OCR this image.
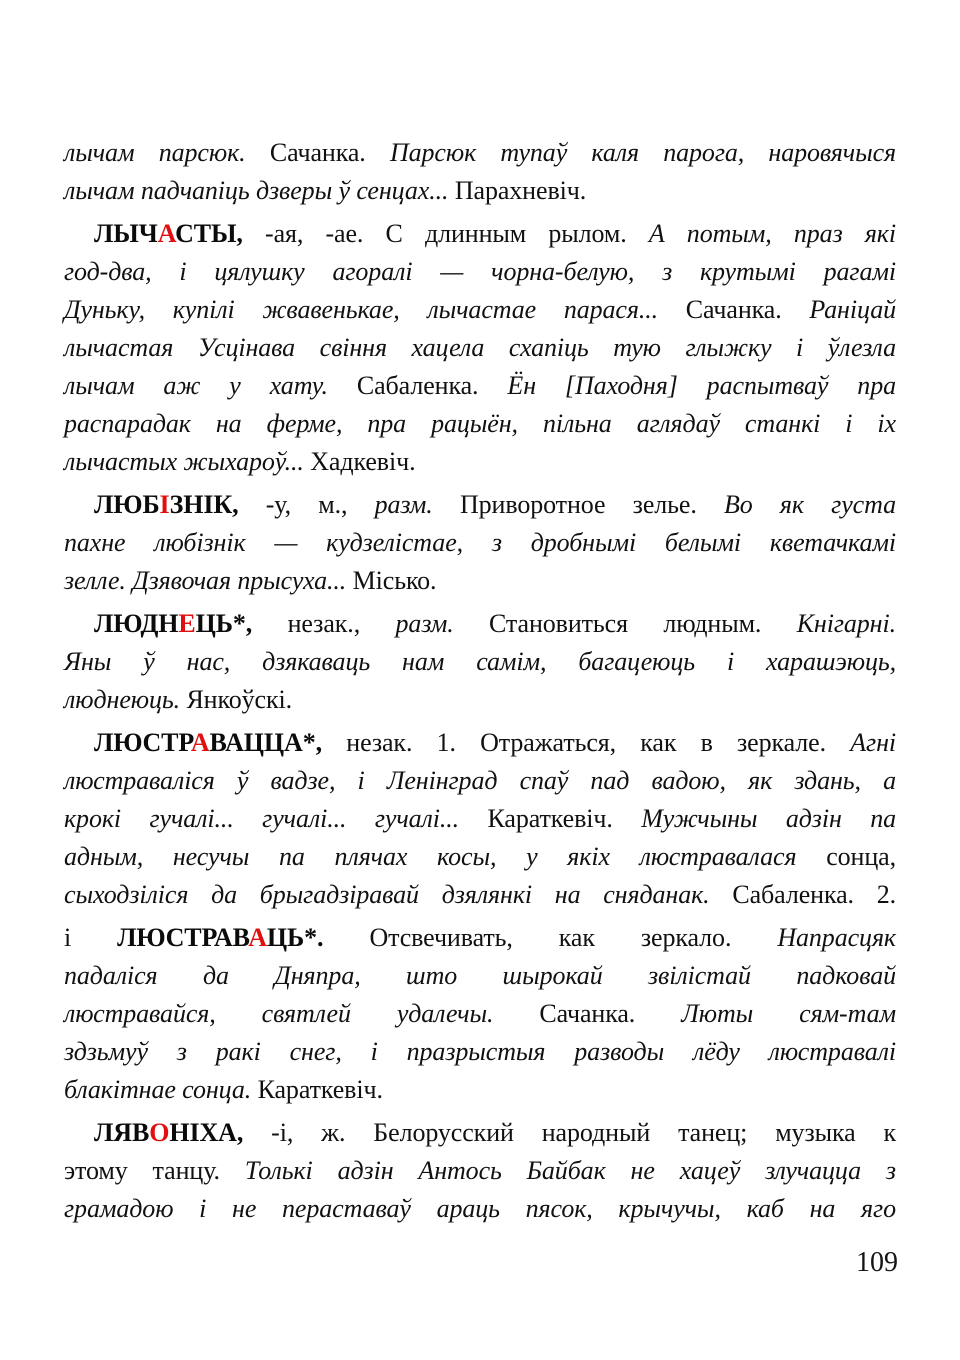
лычам парсюк. Сачанка. Парсюк тупаў каля парога, наровячыся
лычам падчапіць дзверы ў сенцах... Парахневіч.
ЛЫЧАСТЫ, -ая, -ае. С длинным рылом. А потым, праз які
год-два, і цялушку агоралі — чорна-белую, з крутымі рагамі
Дуньку, купілі жвавенькае, лычастае парася... Сачанка. Раніцай
лычастая Усцінава свіння хацела схапіць тую глыжку і ўлезла
лычам аж у хату. Сабаленка. Ён [Паходня] распытваў пра
распарадак на ферме, пра рацыён, пільна аглядаў станкі і іх
лычастых жыхароў... Хадкевіч.
ЛЮБІЗНІК, -у, м., разм. Приворотное зелье. Во як густа
пахне любізнік — кудзелістае, з дробнымі белымі кветачкамі
зелле. Дзявочая прысуха... Місько.
ЛЮДНЕЦЬ*, незак., разм. Становиться людным. Кнігарні.
Яны ў нас, дзякаваць нам самім, багацеюць і харашэюць,
люднеюць. Янкоўскі.
ЛЮСТРАВАЦЦА*, незак. 1. Отражаться, как в зеркале. Агні
люстраваліся ў вадзе, і Ленінград спаў пад вадою, як здань, а
крокі гучалі... гучалі... гучалі... Караткевіч. Мужчыны адзін па
адным, несучы па плячах косы, у якіх люстравалася сонца,
сыходзіліся да брыгадзіравай дзялянкі на сняданак. Сабаленка. 2.
і ЛЮСТРАВАЦЬ*. Отсвечивать, как зеркало. Напрасцяк
падаліся да Дняпра, што шырокай звілістай падковай
люстравайся, святлей удалечы. Сачанка. Люты сям-там
здзьмуў з ракі снег, і празрыстыя разводы лёду люстравалі
блакітнае сонца. Караткевіч.
ЛЯВОНІХА, -і, ж. Белорусский народный танец; музыка к
этому танцу. Толькі адзін Антось Байбак не хацеў злучацца з
грамадою і не пераставаў араць пясок, крычучы, каб на яго
109
